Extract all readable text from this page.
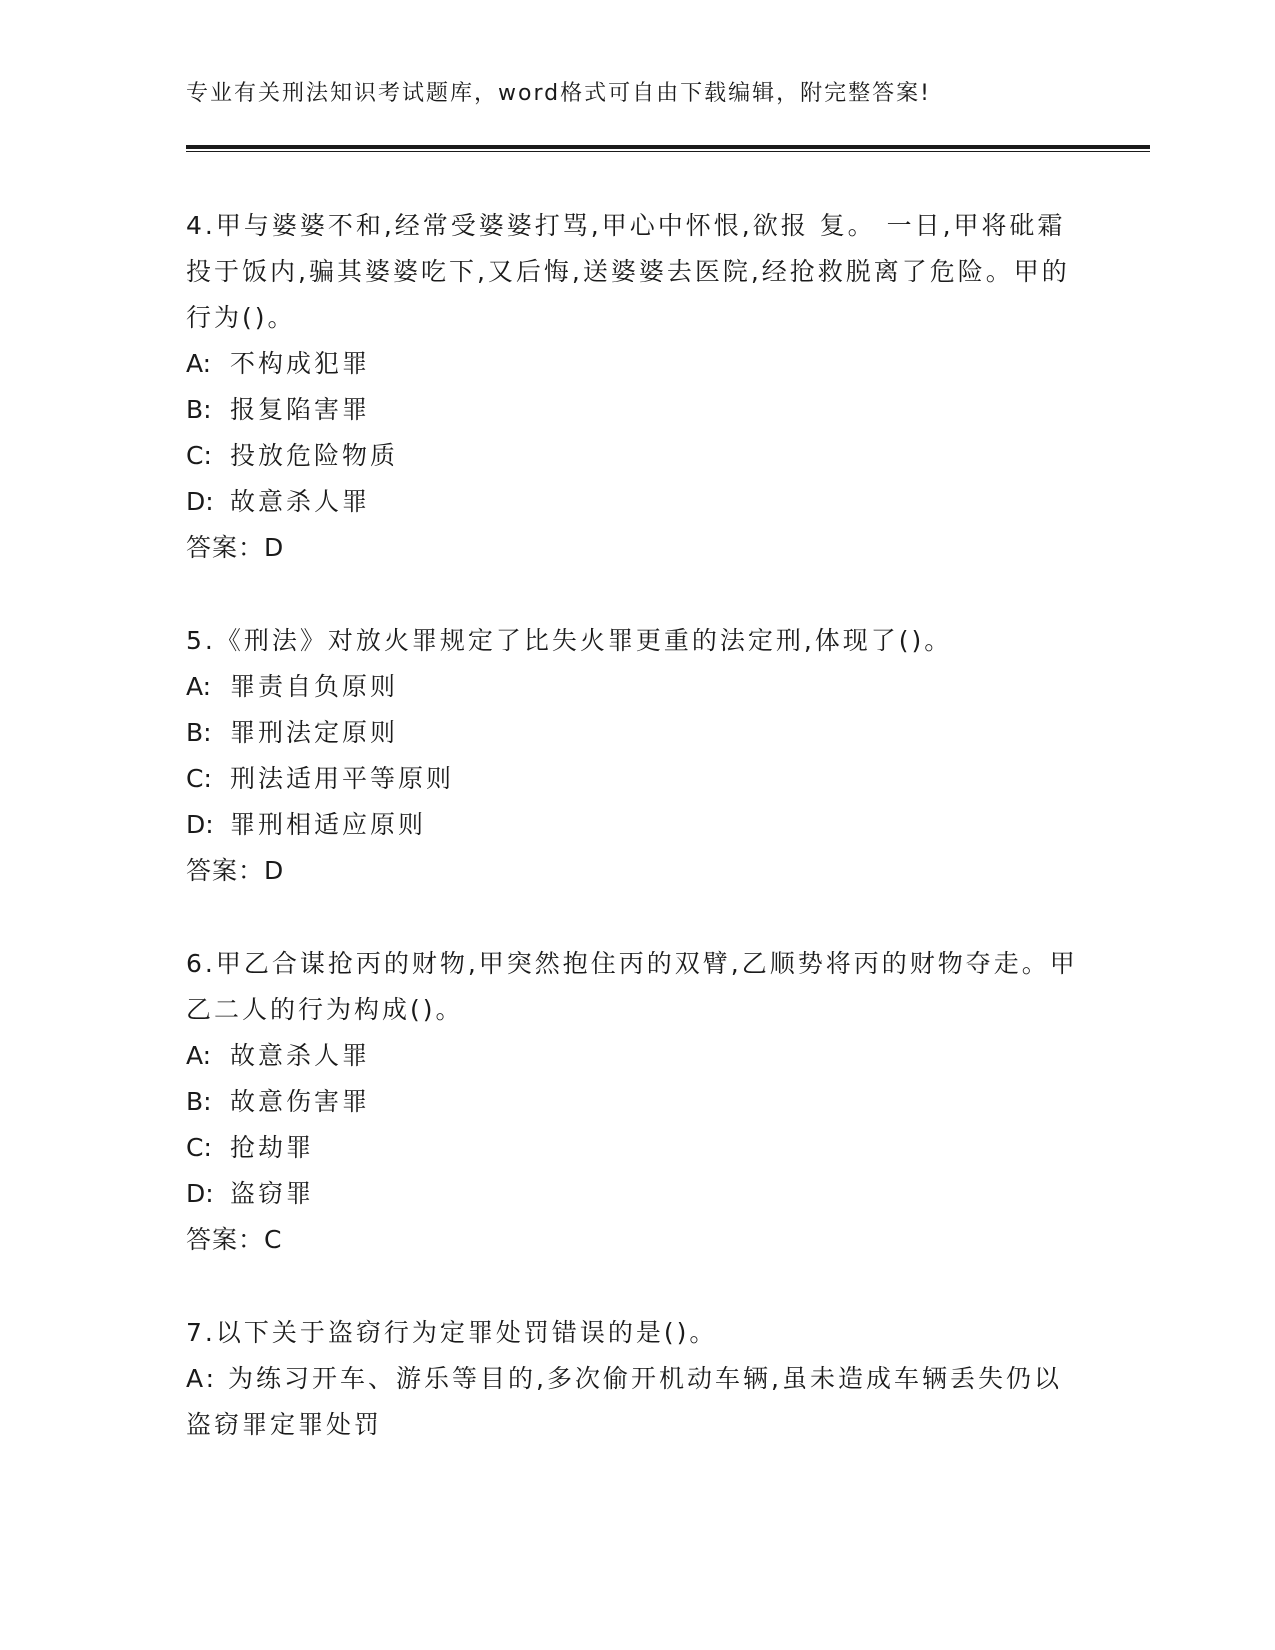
专业有关刑法知识考试题库，word格式可自由下载编辑，附完整答案!
4.甲与婆婆不和,经常受婆婆打骂,甲心中怀恨,欲报 复。 一日,甲将砒霜投于饭内,骗其婆婆吃下,又后悔,送婆婆去医院,经抢救脱离了危险。甲的行为()。
A: 不构成犯罪
B: 报复陷害罪
C: 投放危险物质
D: 故意杀人罪
答案：D
5.《刑法》对放火罪规定了比失火罪更重的法定刑,体现了()。
A: 罪责自负原则
B: 罪刑法定原则
C: 刑法适用平等原则
D: 罪刑相适应原则
答案：D
6.甲乙合谋抢丙的财物,甲突然抱住丙的双臂,乙顺势将丙的财物夺走。甲乙二人的行为构成()。
A: 故意杀人罪
B: 故意伤害罪
C: 抢劫罪
D: 盗窃罪
答案：C
7.以下关于盗窃行为定罪处罚错误的是()。
A: 为练习开车、游乐等目的,多次偷开机动车辆,虽未造成车辆丢失仍以盗窃罪定罪处罚
